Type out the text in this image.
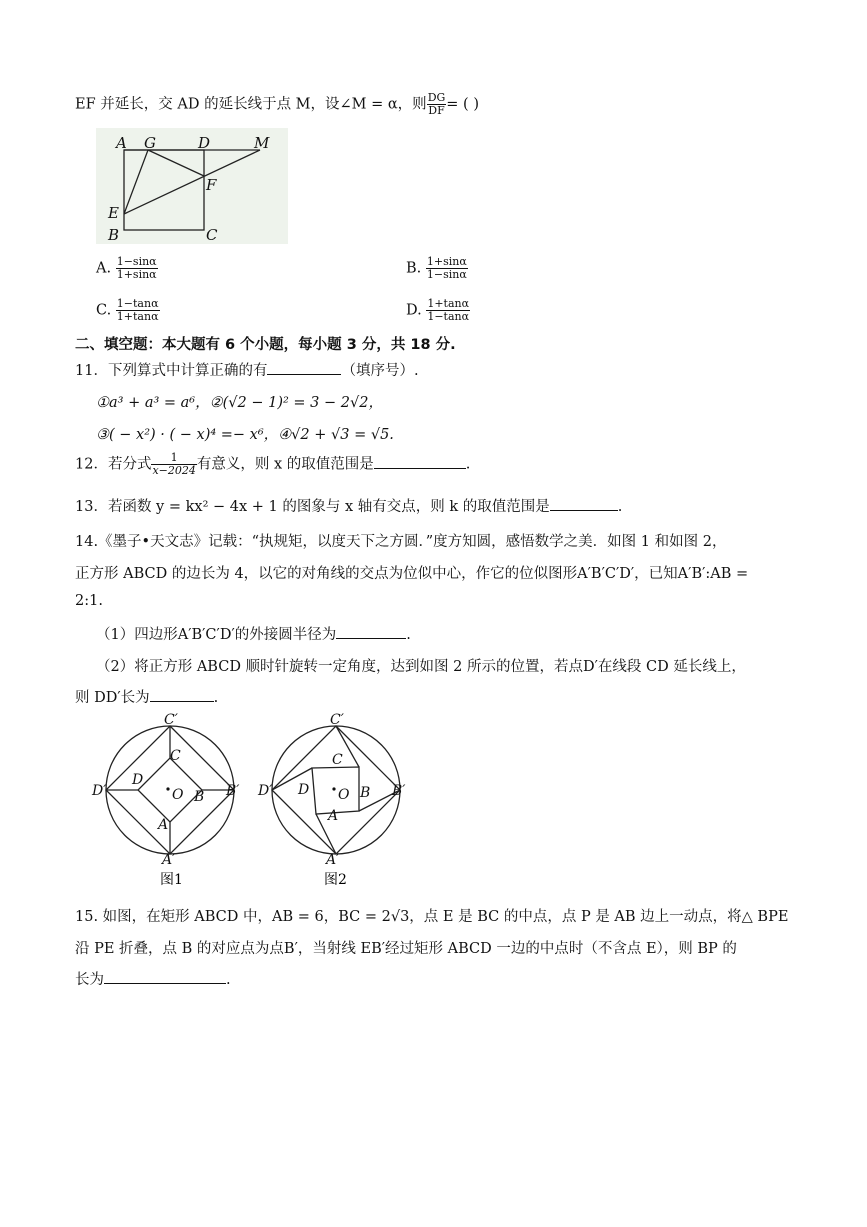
EF 并延长，交 AD 的延长线于点 M，设∠M = α，则 $\frac{DG}{DF}$ = ( )
A G	D	M
F
E
B	C
A. $\frac{1-\sin\alpha}{1+\sin\alpha}$	B. $\frac{1+\sin\alpha}{1-\sin\alpha}$
C. $\frac{1-\tan\alpha}{1+\tan\alpha}$	D. $\frac{1+\tan\alpha}{1-\tan\alpha}$
二、填空题：本大题有 6 个小题，每小题 3 分，共 18 分.
11．下列算式中计算正确的有	（填序号）.
①a³ + a³ = a⁶，②(√2 − 1)² = 3 − 2√2，
③( − x²) · ( − x)⁴ =− x⁶，④√2 + √3 = √5.
12．若分式 $\frac{1}{x-2024}$ 有意义，则 x 的取值范围是	.
13．若函数 y = kx² − 4x + 1 的图象与 x 轴有交点，则 k 的取值范围是	.
14.《墨子•天文志》记载：“执规矩，以度天下之方圆．”度方知圆，感悟数学之美．如图 1 和如图 2，
正方形 ABCD 的边长为 4，以它的对角线的交点为位似中心，作它的位似图形A′B′C′D′，已知A′B′:AB =
2:1.
（1）四边形A′B′C′D′的外接圆半径为	.
（2）将正方形 ABCD 顺时针旋转一定角度，达到如图 2 所示的位置，若点D′在线段 CD 延长线上，
则 DD′长为	.
C′
C
D′
D
O B B′
A
A′
图1
C′
C
D′ D O B B′
A
A′
图2
15. 如图，在矩形 ABCD 中，AB = 6，BC = 2√3，点 E 是 BC 的中点，点 P 是 AB 边上一动点，将△ BPE
沿 PE 折叠，点 B 的对应点为点B′，当射线 EB′经过矩形 ABCD 一边的中点时（不含点 E），则 BP 的
长为	.
